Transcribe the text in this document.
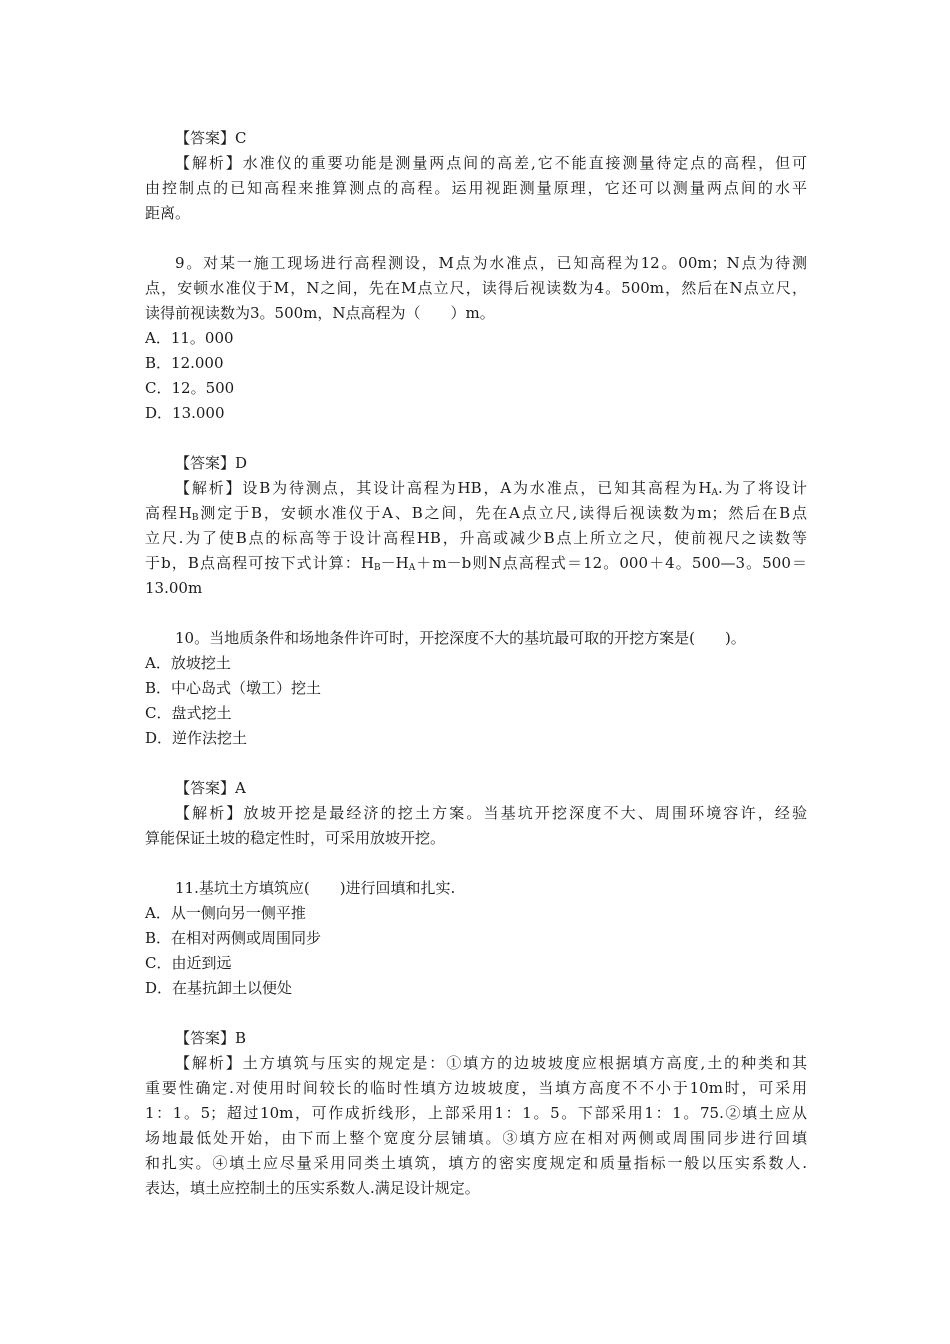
【答案】C
【解析】水准仪的重要功能是测量两点间的高差,它不能直接测量待定点的高程，但可
由控制点的已知高程来推算测点的高程。运用视距测量原理，它还可以测量两点间的水平
距离。
9。对某一施工现场进行高程测设，M点为水准点，已知高程为12。00m；N点为待测
点，安顿水准仪于M，N之间，先在M点立尺，读得后视读数为4。500m，然后在N点立尺，
读得前视读数为3。500m，N点高程为（　　）m。
A．11。000
B．12.000
C．12。500
D．13.000
【答案】D
【解析】设B为待测点，其设计高程为HB，A为水准点，已知其高程为$H_A$.为了将设计
高程$H_B$测定于B，安顿水准仪于A、B之间，先在A点立尺,读得后视读数为m；然后在B点
立尺.为了使B点的标高等于设计高程HB，升高或减少B点上所立之尺，使前视尺之读数等
于b，B点高程可按下式计算：$H_B-H_A+m-b$则N点高程式＝12。000＋4。500—3。500＝
13.00m
10。当地质条件和场地条件许可时，开挖深度不大的基坑最可取的开挖方案是(　　)。
A．放坡挖土
B．中心岛式（墩工）挖土
C．盘式挖土
D．逆作法挖土
【答案】A
【解析】放坡开挖是最经济的挖土方案。当基坑开挖深度不大、周围环境容许，经验
算能保证土坡的稳定性时，可采用放坡开挖。
11.基坑土方填筑应(　　)进行回填和扎实.
A．从一侧向另一侧平推
B．在相对两侧或周围同步
C．由近到远
D．在基抗卸土以便处
【答案】B
【解析】土方填筑与压实的规定是：①填方的边坡坡度应根据填方高度,土的种类和其
重要性确定.对使用时间较长的临时性填方边坡坡度，当填方高度不不小于10m时，可采用
1：1。5；超过10m，可作成折线形，上部采用1：1。5。下部采用1：1。75.②填土应从
场地最低处开始，由下而上整个宽度分层铺填。③填方应在相对两侧或周围同步进行回填
和扎实。④填土应尽量采用同类土填筑，填方的密实度规定和质量指标一般以压实系数人.
表达，填土应控制土的压实系数人.满足设计规定。
